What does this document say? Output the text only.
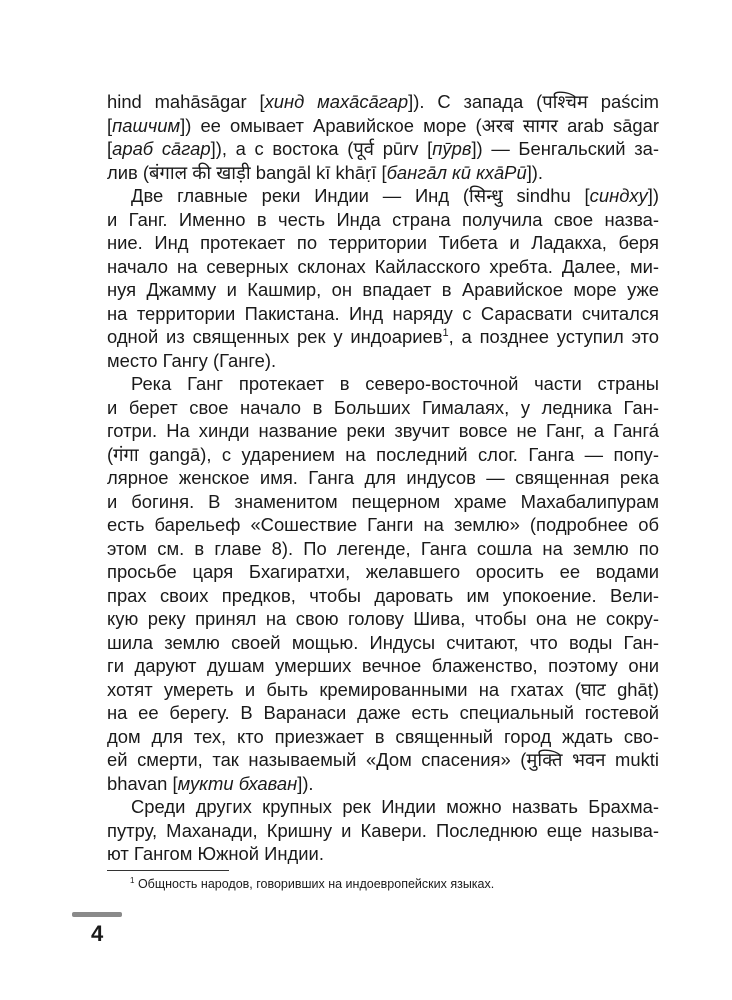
hind mahāsāgar [хинд махāсāгар]). С запада (पश्चिम paścim
[пашчим]) ее омывает Аравийское море (अरब सागर arab sāgar
[араб сāгар]), а с востока (पूर्व pūrv [пӯрв]) — Бенгальский за-
лив (बंगाल की खाड़ी bangāl kī khāṛī [бангāл кӣ кхāРӣ]).
Две главные реки Индии — Инд (सिन्धु sindhu [синдху])
и Ганг. Именно в честь Инда страна получила свое назва-
ние. Инд протекает по территории Тибета и Ладакха, беря
начало на северных склонах Кайласского хребта. Далее, ми-
нуя Джамму и Кашмир, он впадает в Аравийское море уже
на территории Пакистана. Инд наряду с Сарасвати считался
одной из священных рек у индоариев$^1$, а позднее уступил это
место Гангу (Ганге).
Река Ганг протекает в северо-восточной части страны
и берет свое начало в Больших Гималаях, у ледника Ган-
готри. На хинди название реки звучит вовсе не Ганг, а Ганга́
(गंगा gangā), с ударением на последний слог. Ганга — попу-
лярное женское имя. Ганга для индусов — священная река
и богиня. В знаменитом пещерном храме Махабалипурам
есть барельеф «Сошествие Ганги на землю» (подробнее об
этом см. в главе 8). По легенде, Ганга сошла на землю по
просьбе царя Бхагиратхи, желавшего оросить ее водами
прах своих предков, чтобы даровать им упокоение. Вели-
кую реку принял на свою голову Шива, чтобы она не сокру-
шила землю своей мощью. Индусы считают, что воды Ган-
ги даруют душам умерших вечное блаженство, поэтому они
хотят умереть и быть кремированными на гхатах (घाट ghāṭ)
на ее берегу. В Варанаси даже есть специальный гостевой
дом для тех, кто приезжает в священный город ждать сво-
ей смерти, так называемый «Дом спасения» (मुक्ति भवन mukti
bhavan [мукти бхаван]).
Среди других крупных рек Индии можно назвать Брахма-
путру, Маханади, Кришну и Кавери. Последнюю еще называ-
ют Гангом Южной Индии.
$^1$ Общность народов, говоривших на индоевропейских языках.
4
